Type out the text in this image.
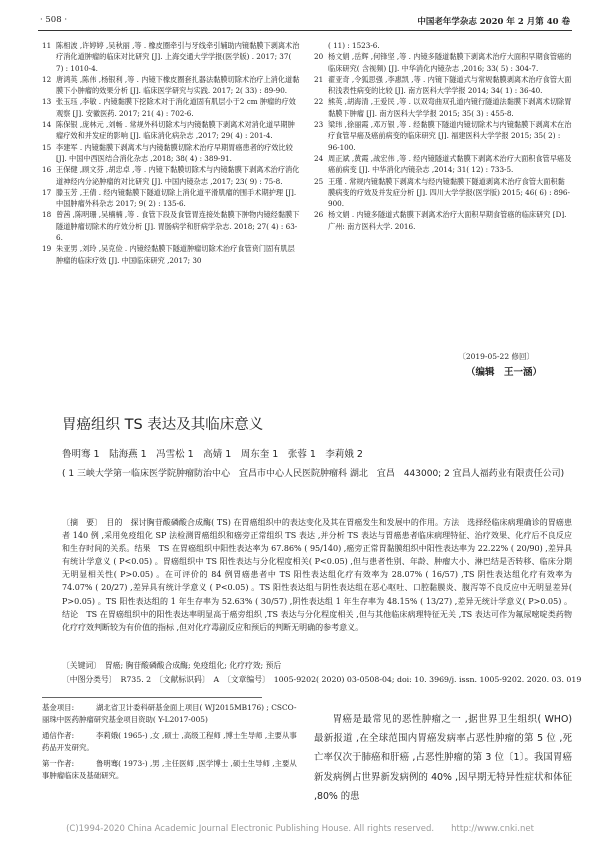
· 508 ·	中国老年学杂志 2020 年 2 月第 40 卷
11 陈相波 ,许婷婷 ,吴秋丽 ,等 . 橡皮圈牵引与牙线牵引辅助内镜黏膜下剥离术治疗消化道肿瘤的临床对比研究 [J]. 上海交通大学学报(医学版) . 2017; 37( 7) : 1010-4.
12 唐鸿英 ,陈伟 ,杨银利 ,等 . 内镜下橡皮圈套扎器法黏膜切除术治疗上消化道黏膜下小肿瘤的效果分析 [J]. 临床医学研究与实践. 2017; 2( 33) : 89-90.
13 张玉珏 ,李敏 . 内镜黏膜下挖除术对于消化道固有肌层小于2 cm 肿瘤的疗效观察 [J]. 安徽医药. 2017; 21( 4) : 702-6.
14 陈保银 ,庞林元 ,刘畅 . 常规外科切除术与内镜黏膜下剥离术对消化道早期肿瘤疗效和并发症的影响 [J]. 临床消化病杂志 ,2017; 29( 4) : 201-4.
15 李建军 . 内镜黏膜下剥离术与内镜黏膜切除术治疗早期胃癌患者的疗效比较 [J]. 中国中西医结合消化杂志 ,2018; 38( 4) : 389-91.
16 王保健 ,顾文芬 ,胡忠卓 ,等 . 内镜下黏膜切除术与内镜黏膜下剥离术治疗消化道神经内分泌肿瘤的对比研究 [J]. 中国内镜杂志 ,2017; 23( 9) : 75-8.
17 滕玉芳 ,王倩 . 经内镜黏膜下隧道切除上消化道平滑肌瘤的围手术期护理 [J]. 中国肿瘤外科杂志 2017; 9( 2) : 135-6.
18 曾茜 ,陈明珊 ,吴楠楠 ,等 . 食管下段及食管胃连接处黏膜下肿物内镜经黏膜下隧道肿瘤切除术的疗效分析 [J]. 胃肠病学和肝病学杂志. 2018; 27( 4) : 63-6.
19 朱亚男 ,刘玲 ,吴克俭 . 内镜经黏膜下隧道肿瘤切除术治疗食管贲门固有肌层肿瘤的临床疗效 [J]. 中国临床研究 ,2017; 30
( 11) : 1523-6.
20 杨文娟 ,岳辉 ,何锋坚 ,等 . 内镜多隧道黏膜下剥离术治疗大面积早期食管癌的临床研究( 含视频) [J]. 中华消化内镜杂志 ,2016; 33( 5) : 304-7.
21 翟亚奇 ,令狐思强 ,李惠凯 ,等 . 内镜下隧道式与常规黏膜剥离术治疗食管大面积浅表性病变的比较 [J]. 南方医科大学学报 2014; 34( 1) : 36-40.
22 熊英 ,胡海清 ,王爱民 ,等 . 以双弯曲双孔道内镜行隧道法黏膜下剥离术切除胃黏膜下肿瘤 [J]. 南方医科大学学报 2015; 35( 3) : 455-8.
23 梁玮 ,徐丽霞 ,邓万银 ,等 . 经黏膜下隧道内镜切除术与内镜黏膜下剥离术在治疗食管早癌及癌前病变的临床研究 [J]. 福建医科大学学报 2015; 35( 2) : 96-100.
24 周正斌 ,黄霞 ,战宏伟 ,等 . 经内镜隧道式黏膜下剥离术治疗大面积食管早癌及癌前病变 [J]. 中华消化内镜杂志 ,2014; 31( 12) : 733-5.
25 王瑾 . 常规内镜黏膜下剥离术与经内镜黏膜下隧道剥离术治疗食管大面积黏膜病变的疗效及并发症分析 [J]. 四川大学学报(医学版) 2015; 46( 6) : 896-900.
26 杨文娟 . 内镜多隧道式黏膜下剥离术治疗大面积早期食管癌的临床研究 [D]. 广州: 南方医科大学. 2016.
〔2019-05-22 修回〕
（编辑　王一涵）
胃癌组织 TS 表达及其临床意义
鲁明骞 1　陆海燕 1　冯雪松 1　高婧 1　周东奎 1　张蓉 1　李莉娥 2
( 1 三峡大学第一临床医学院肿瘤防治中心　宜昌市中心人民医院肿瘤科 湖北　宜昌　443000; 2 宜昌人福药业有限责任公司)
〔摘　要〕　目的　探讨胸苷酸磷酸合成酶( TS) 在胃癌组织中的表达变化及其在胃癌发生和发展中的作用。方法　选择经临床病理确诊的胃癌患者 140 例 ,采用免疫组化 SP 法检测胃癌组织和癌旁正常组织 TS 表达 ,并分析 TS 表达与胃癌患者临床病理特征、治疗效果、化疗后不良反应和生存时间的关系。结果　TS 在胃癌组织中阳性表达率为 67.86% ( 95/140) ,癌旁正常胃黏膜组织中阳性表达率为 22.22% ( 20/90) ,差异具有统计学意义 ( P<0.05) 。胃癌组织中 TS 阳性表达与分化程度相关( P<0.05) ,但与患者性别、年龄、肿瘤大小、淋巴结是否转移、临床分期无明显相关性( P>0.05) 。在可评价的 84 例胃癌患者中 TS 阳性表达组化疗有效率为 28.07% ( 16/57) ,TS 阴性表达组化疗有效率为 74.07% ( 20/27) ,差异具有统计学意义 ( P<0.05) 。TS 阳性表达组与阴性表达组在恶心呕吐、口腔黏膜炎、腹泻等不良反应中无明显差异( P>0.05) 。TS 阳性表达组的 1 年生存率为 52.63% ( 30/57) ,阴性表达组 1 年生存率为 48.15% ( 13/27) ,差异无统计学意义( P>0.05) 。结论　TS 在胃癌组织中的阳性表达率明显高于癌旁组织 ,TS 表达与分化程度相关 ,但与其他临床病理特征无关 ,TS 表达可作为氟尿嘧啶类药物化疗疗效判断较为有价值的指标 ,但对化疗毒副反应和预后的判断无明确的参考意义。
〔关键词〕　胃癌; 胸苷酸磷酸合成酶; 免疫组化; 化疗疗效; 预后
〔中图分类号〕　R735. 2　〔文献标识码〕　A　〔文章编号〕　1005-9202( 2020) 03-0508-04; doi: 10. 3969/j. issn. 1005-9202. 2020. 03. 019
基金项目:	湖北省卫计委科研基金面上项目( WJ2015MB176) ; CSCO-丽珠中医药肿瘤研究基金项目资助( Y-L2017-005)
通信作者:	李莉娥( 1965-) ,女 ,硕士 ,高级工程师 ,博士生导师 ,主要从事药品开发研究。
第一作者:	鲁明骞( 1973-) ,男 ,主任医师 ,医学博士 ,硕士生导师 ,主要从事肿瘤临床及基础研究。

胃癌是最常见的恶性肿瘤之一 ,据世界卫生组织( WHO) 最新报道 ,在全球范围内胃癌发病率占恶性肿瘤的第 5 位 ,死亡率仅次于肺癌和肝癌 ,占恶性肿瘤的第 3 位〔1〕。我国胃癌新发病例占世界新发病例的 40% ,因早期无特异性症状和体征 ,80% 的患

(C)1994-2020 China Academic Journal Electronic Publishing House. All rights reserved.　　http://www.cnki.net
